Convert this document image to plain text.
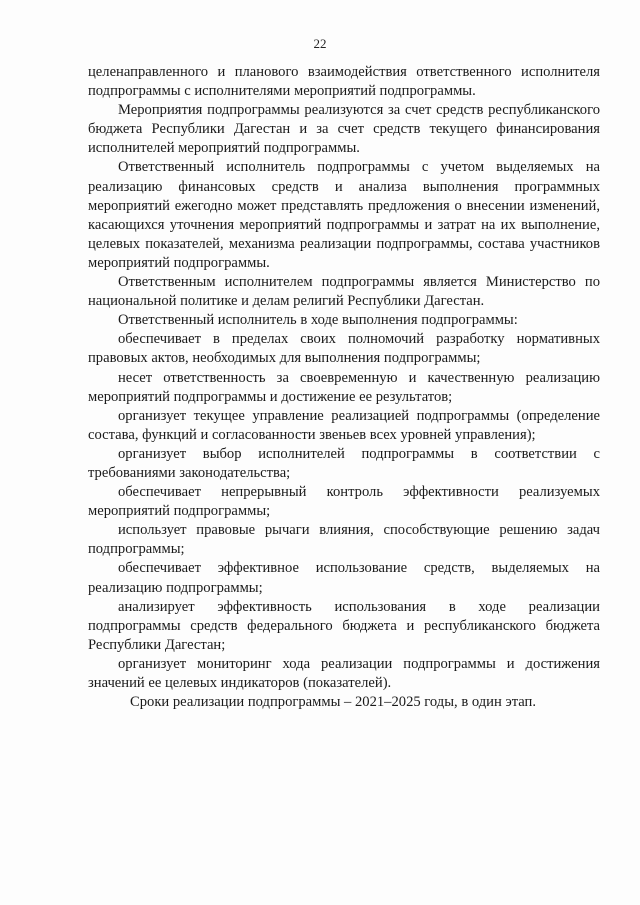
22

целенаправленного и планового взаимодействия ответственного исполнителя подпрограммы с исполнителями мероприятий подпрограммы.

Мероприятия подпрограммы реализуются за счет средств республиканского бюджета Республики Дагестан и за счет средств текущего финансирования исполнителей мероприятий подпрограммы.

Ответственный исполнитель подпрограммы с учетом выделяемых на реализацию финансовых средств и анализа выполнения программных мероприятий ежегодно может представлять предложения о внесении изменений, касающихся уточнения мероприятий подпрограммы и затрат на их выполнение, целевых показателей, механизма реализации подпрограммы, состава участников мероприятий подпрограммы.

Ответственным исполнителем подпрограммы является Министерство по национальной политике и делам религий Республики Дагестан.

Ответственный исполнитель в ходе выполнения подпрограммы:

обеспечивает в пределах своих полномочий разработку нормативных правовых актов, необходимых для выполнения подпрограммы;

несет ответственность за своевременную и качественную реализацию мероприятий подпрограммы и достижение ее результатов;

организует текущее управление реализацией подпрограммы (определение состава, функций и согласованности звеньев всех уровней управления);

организует выбор исполнителей подпрограммы в соответствии с требованиями законодательства;

обеспечивает непрерывный контроль эффективности реализуемых мероприятий подпрограммы;

использует правовые рычаги влияния, способствующие решению задач подпрограммы;

обеспечивает эффективное использование средств, выделяемых на реализацию подпрограммы;

анализирует эффективность использования в ходе реализации подпрограммы средств федерального бюджета и республиканского бюджета Республики Дагестан;

организует мониторинг хода реализации подпрограммы и достижения значений ее целевых индикаторов (показателей).

Сроки реализации подпрограммы – 2021–2025 годы, в один этап.
